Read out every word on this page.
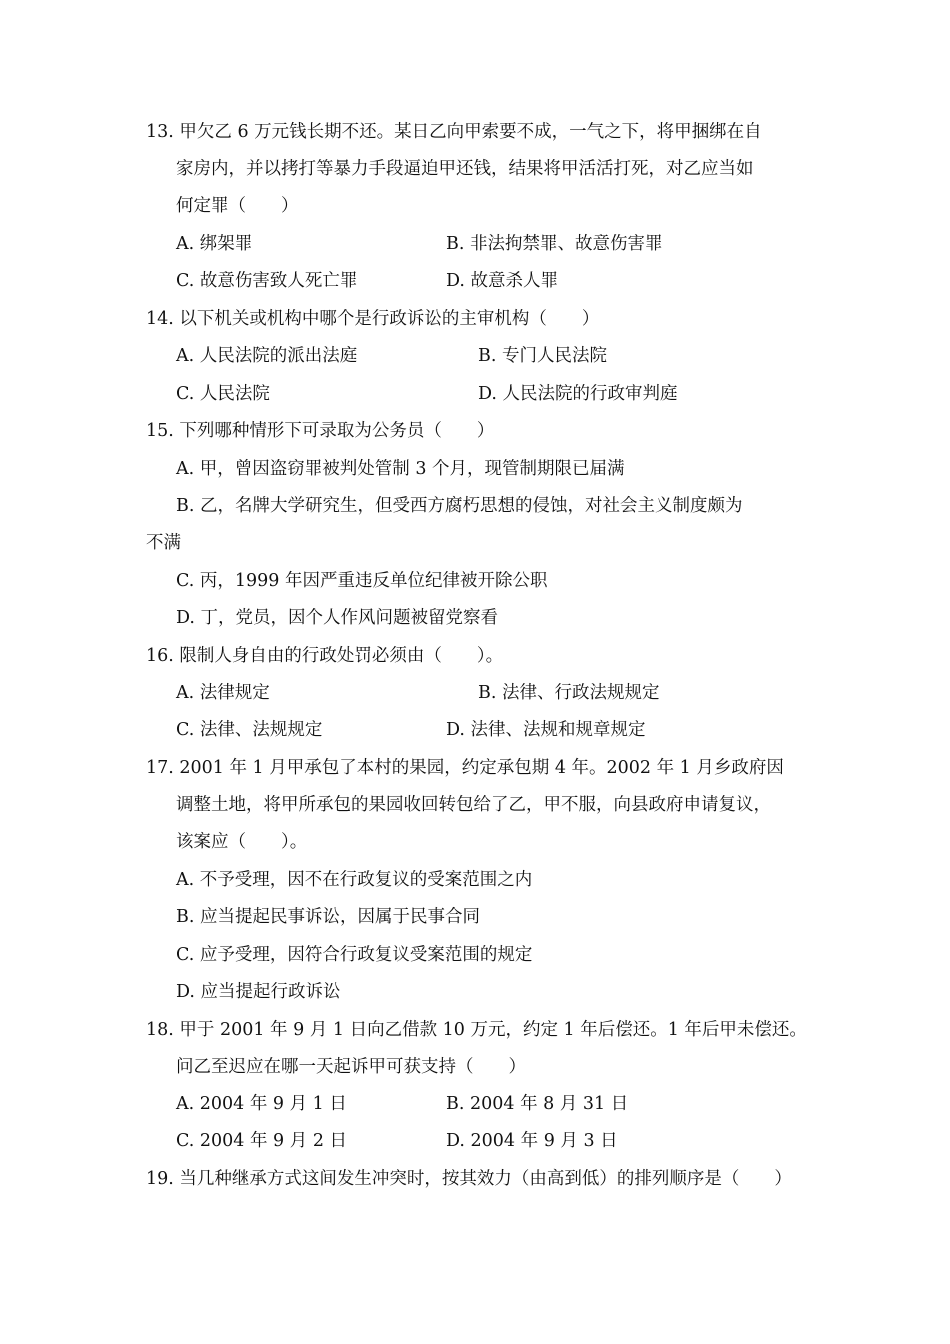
13. 甲欠乙 6 万元钱长期不还。某日乙向甲索要不成，一气之下，将甲捆绑在自
家房内，并以拷打等暴力手段逼迫甲还钱，结果将甲活活打死，对乙应当如
何定罪（　　）
A. 绑架罪	B. 非法拘禁罪、故意伤害罪
C. 故意伤害致人死亡罪	D. 故意杀人罪
14. 以下机关或机构中哪个是行政诉讼的主审机构（　　）
A. 人民法院的派出法庭	B. 专门人民法院
C. 人民法院	D. 人民法院的行政审判庭
15. 下列哪种情形下可录取为公务员（　　）
A. 甲，曾因盗窃罪被判处管制 3 个月，现管制期限已届满
B. 乙，名牌大学研究生，但受西方腐朽思想的侵蚀，对社会主义制度颇为
不满
C. 丙，1999 年因严重违反单位纪律被开除公职
D. 丁，党员，因个人作风问题被留党察看
16. 限制人身自由的行政处罚必须由（　　）。
A. 法律规定	B. 法律、行政法规规定
C. 法律、法规规定	D. 法律、法规和规章规定
17. 2001 年 1 月甲承包了本村的果园，约定承包期 4 年。2002 年 1 月乡政府因
调整土地，将甲所承包的果园收回转包给了乙，甲不服，向县政府申请复议，
该案应（　　）。
A. 不予受理，因不在行政复议的受案范围之内
B. 应当提起民事诉讼，因属于民事合同
C. 应予受理，因符合行政复议受案范围的规定
D. 应当提起行政诉讼
18. 甲于 2001 年 9 月 1 日向乙借款 10 万元，约定 1 年后偿还。1 年后甲未偿还。
问乙至迟应在哪一天起诉甲可获支持（　　）
A. 2004 年 9 月 1 日	B. 2004 年 8 月 31 日
C. 2004 年 9 月 2 日	D. 2004 年 9 月 3 日
19. 当几种继承方式这间发生冲突时，按其效力（由高到低）的排列顺序是（　　）
